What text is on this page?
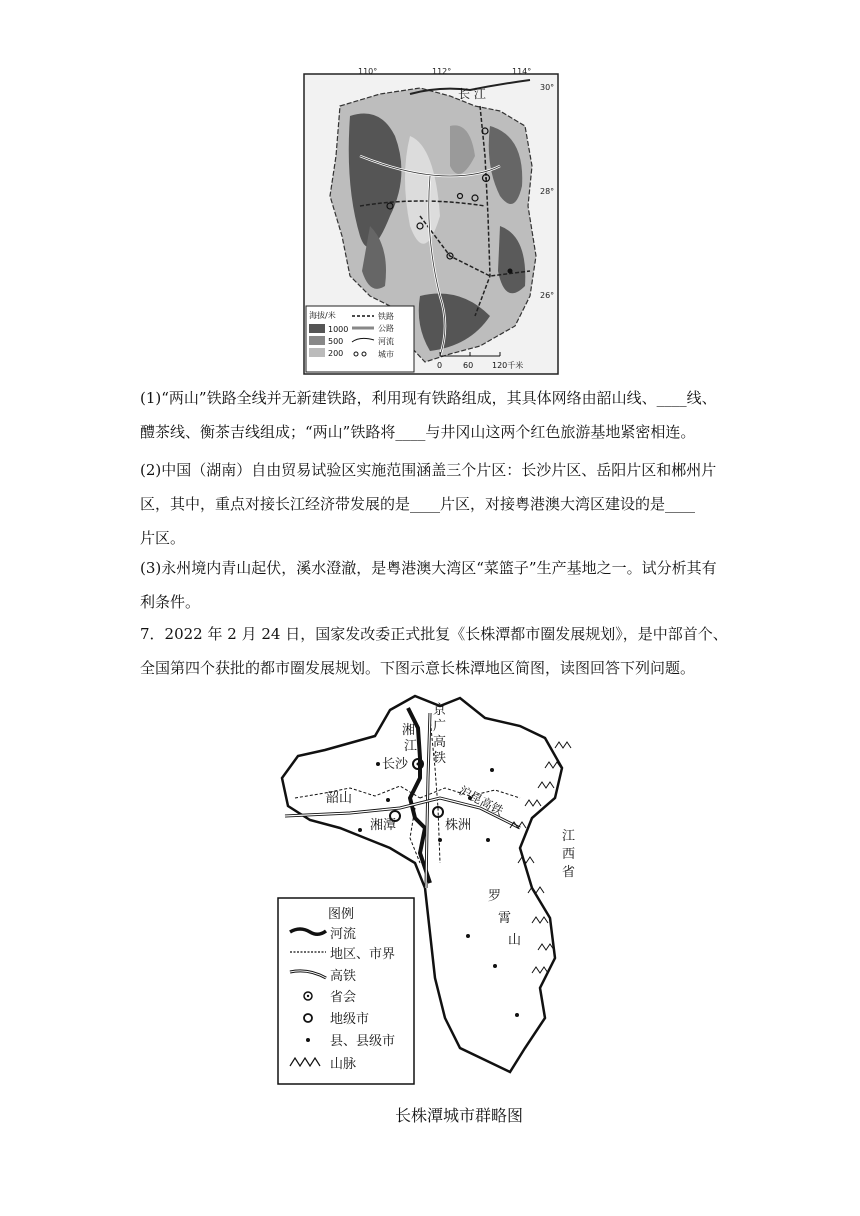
110°	112°	114°
30°
28°
26°
长 江
海拔/米
1000
500
200
铁路
公路
河流
城市
0	60 120千米

(1)“两山”铁路全线并无新建铁路，利用现有铁路组成，其具体网络由韶山线、____线、

醴茶线、衡茶吉线组成；“两山”铁路将____与井冈山这两个红色旅游基地紧密相连。

(2)中国（湖南）自由贸易试验区实施范围涵盖三个片区：长沙片区、岳阳片区和郴州片

区，其中，重点对接长江经济带发展的是____片区，对接粤港澳大湾区建设的是____

片区。

(3)永州境内青山起伏，溪水澄澈，是粤港澳大湾区“菜篮子”生产基地之一。试分析其有

利条件。

7．2022 年 2 月 24 日，国家发改委正式批复《长株潭都市圈发展规划》，是中部首个、

全国第四个获批的都市圈发展规划。下图示意长株潭地区简图，读图回答下列问题。

湘
江
京
广
高
铁
长沙
韶山
湘潭	株洲
沪昆高铁
江
西
省
罗
霄
山
图例
河流
地区、市界
高铁
省会
地级市
县、县级市
山脉
长株潭城市群略图
